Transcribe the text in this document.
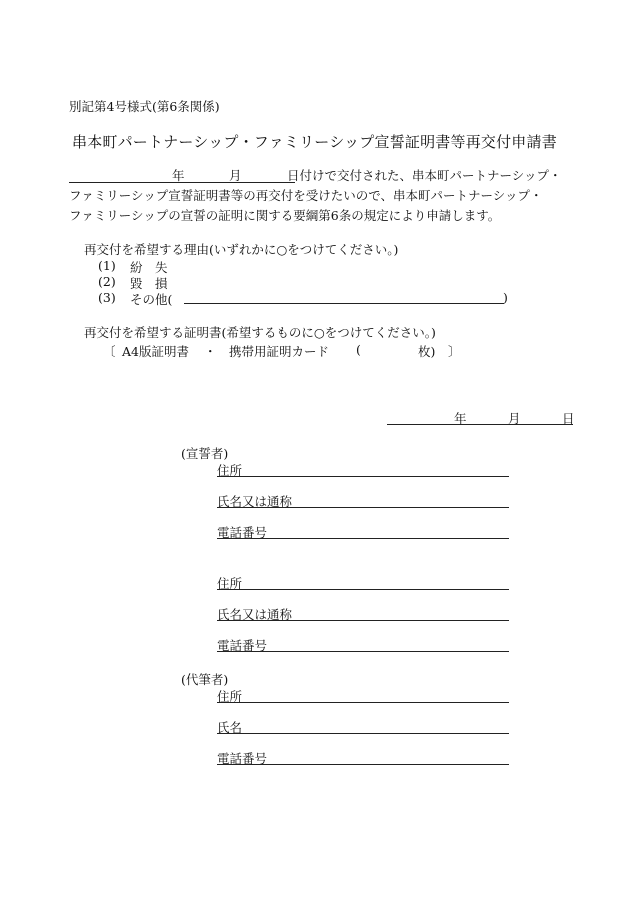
別記第4号様式(第6条関係)
串本町パートナーシップ・ファミリーシップ宣誓証明書等再交付申請書
年	月	日付けで交付された、串本町パートナーシップ・
ファミリーシップ宣誓証明書等の再交付を受けたいので、串本町パートナーシップ・
ファミリーシップの宣誓の証明に関する要綱第6条の規定により申請します。
再交付を希望する理由(いずれかに○をつけてください。)
(1) 紛　失
(2) 毀　損
(3) その他(	)
再交付を希望する証明書(希望するものに○をつけてください。)
〔 A4版証明書 ・ 携帯用証明カード (	枚) 〕
年	月	日
(宣誓者)
住所
氏名又は通称
電話番号
住所
氏名又は通称
電話番号
(代筆者)
住所
氏名
電話番号
